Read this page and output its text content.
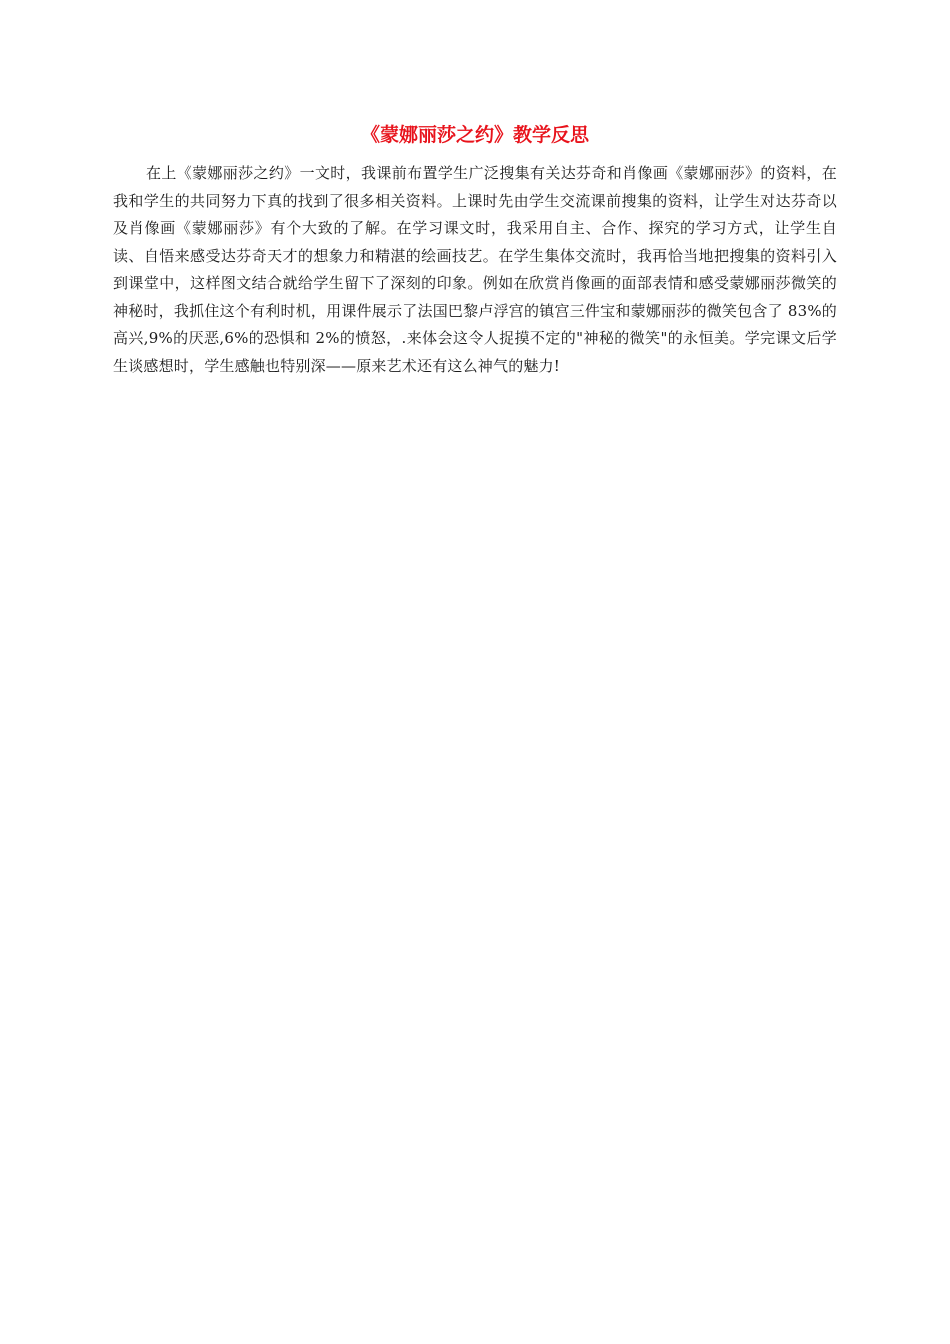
《蒙娜丽莎之约》教学反思

在上《蒙娜丽莎之约》一文时，我课前布置学生广泛搜集有关达芬奇和肖像画《蒙娜丽莎》的资料，在我和学生的共同努力下真的找到了很多相关资料。上课时先由学生交流课前搜集的资料，让学生对达芬奇以及肖像画《蒙娜丽莎》有个大致的了解。在学习课文时，我采用自主、合作、探究的学习方式，让学生自读、自悟来感受达芬奇天才的想象力和精湛的绘画技艺。在学生集体交流时，我再恰当地把搜集的资料引入到课堂中，这样图文结合就给学生留下了深刻的印象。例如在欣赏肖像画的面部表情和感受蒙娜丽莎微笑的神秘时，我抓住这个有利时机，用课件展示了法国巴黎卢浮宫的镇宫三件宝和蒙娜丽莎的微笑包含了 83%的高兴,9%的厌恶,6%的恐惧和 2%的愤怒，.来体会这令人捉摸不定的"神秘的微笑"的永恒美。学完课文后学生谈感想时，学生感触也特别深——原来艺术还有这么神气的魅力!
